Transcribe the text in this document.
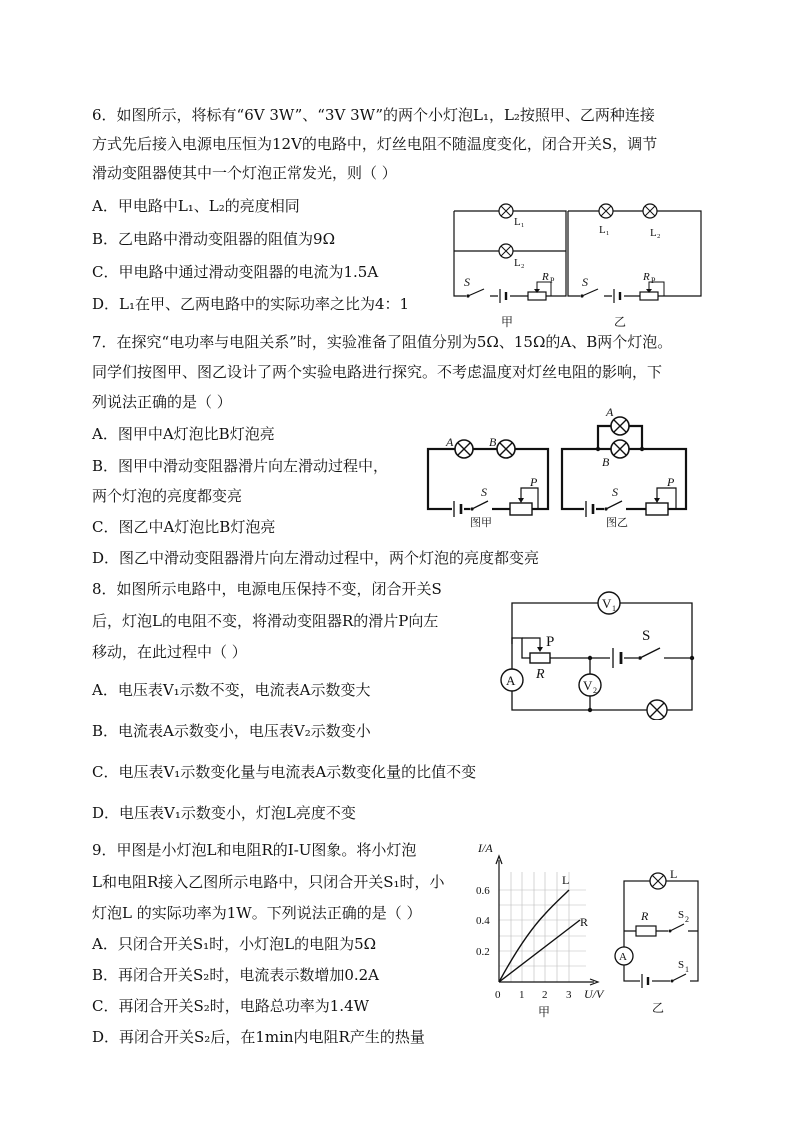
6．如图所示，将标有“6V 3W”、“3V 3W”的两个小灯泡L₁，L₂按照甲、乙两种连接
方式先后接入电源电压恒为12V的电路中，灯丝电阻不随温度变化，闭合开关S，调节
滑动变阻器使其中一个灯泡正常发光，则（ ）
A．甲电路中L₁、L₂的亮度相同
B．乙电路中滑动变阻器的阻值为9Ω
C．甲电路中通过滑动变阻器的电流为1.5A
D．L₁在甲、乙两电路中的实际功率之比为4：1
L₁
L₂
S	R P
甲
L₁	L₂
S	R P
乙
7．在探究“电功率与电阻关系”时，实验准备了阻值分别为5Ω、15Ω的A、B两个灯泡。
同学们按图甲、图乙设计了两个实验电路进行探究。不考虑温度对灯丝电阻的影响，下
列说法正确的是（ ）
A．图甲中A灯泡比B灯泡亮
B．图甲中滑动变阻器滑片向左滑动过程中，
两个灯泡的亮度都变亮
C．图乙中A灯泡比B灯泡亮
D．图乙中滑动变阻器滑片向左滑动过程中，两个灯泡的亮度都变亮
A	B
S
P
图甲
A
B
S
P
图乙
8．如图所示电路中，电源电压保持不变，闭合开关S
后，灯泡L的电阻不变，将滑动变阻器R的滑片P向左
移动，在此过程中（ ）
A．电压表V₁示数不变，电流表A示数变大
B．电流表A示数变小，电压表V₂示数变小
C．电压表V₁示数变化量与电流表A示数变化量的比值不变
D．电压表V₁示数变小，灯泡L亮度不变
V 1
A
P
R
V 2
S
9．甲图是小灯泡L和电阻R的I-U图象。将小灯泡
L和电阻R接入乙图所示电路中，只闭合开关S₁时，小
灯泡L 的实际功率为1W。下列说法正确的是（ ）
A．只闭合开关S₁时，小灯泡L的电阻为5Ω
B．再闭合开关S₂时，电流表示数增加0.2A
C．再闭合开关S₂时，电路总功率为1.4W
D．再闭合开关S₂后，在1min内电阻R产生的热量
I/A
0.6
0.4
0.2
0 1 2 3 U/V
L
R
甲
L
R	S 2
A
S 1
乙
